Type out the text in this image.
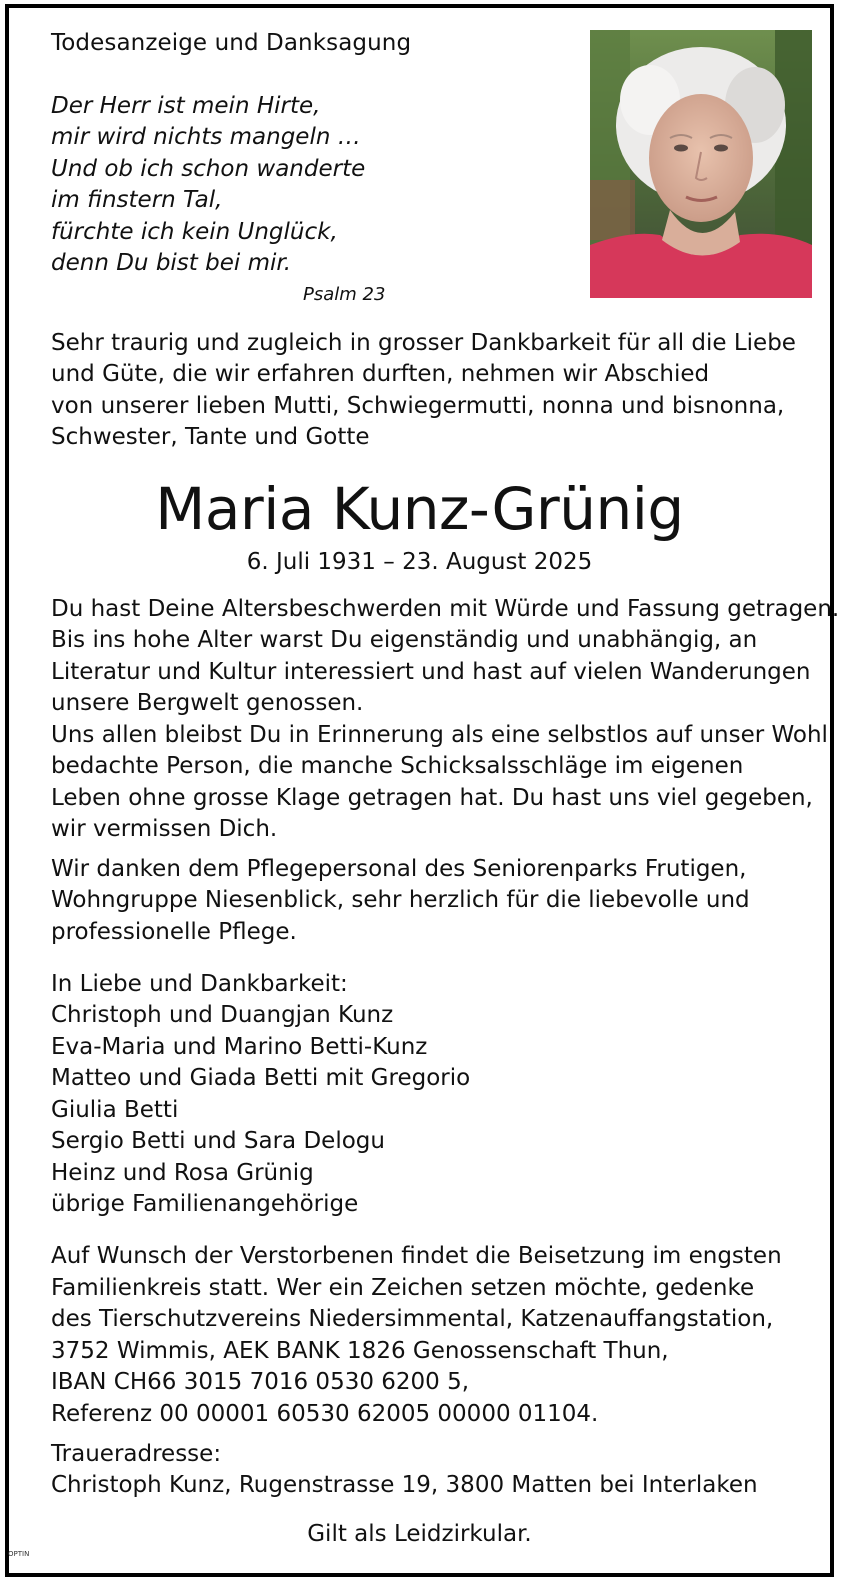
Todesanzeige und Danksagung
Der Herr ist mein Hirte,
mir wird nichts mangeln …
Und ob ich schon wanderte
im finstern Tal,
fürchte ich kein Unglück,
denn Du bist bei mir.
Psalm 23
Sehr traurig und zugleich in grosser Dankbarkeit für all die Liebe
und Güte, die wir erfahren durften, nehmen wir Abschied
von unserer lieben Mutti, Schwiegermutti, nonna und bisnonna,
Schwester, Tante und Gotte
Maria Kunz-Grünig
6. Juli 1931 – 23. August 2025
Du hast Deine Altersbeschwerden mit Würde und Fassung getragen.
Bis ins hohe Alter warst Du eigenständig und unabhängig, an
Literatur und Kultur interessiert und hast auf vielen Wanderungen
unsere Bergwelt genossen.
Uns allen bleibst Du in Erinnerung als eine selbstlos auf unser Wohl
bedachte Person, die manche Schicksalsschläge im eigenen
Leben ohne grosse Klage getragen hat. Du hast uns viel gegeben,
wir vermissen Dich.
Wir danken dem Pflegepersonal des Seniorenparks Frutigen,
Wohngruppe Niesenblick, sehr herzlich für die liebevolle und
professionelle Pflege.
In Liebe und Dankbarkeit:
Christoph und Duangjan Kunz
Eva-Maria und Marino Betti-Kunz
Matteo und Giada Betti mit Gregorio
Giulia Betti
Sergio Betti und Sara Delogu
Heinz und Rosa Grünig
übrige Familienangehörige
Auf Wunsch der Verstorbenen findet die Beisetzung im engsten
Familienkreis statt. Wer ein Zeichen setzen möchte, gedenke
des Tierschutzvereins Niedersimmental, Katzenauffangstation,
3752 Wimmis, AEK BANK 1826 Genossenschaft Thun,
IBAN CH66 3015 7016 0530 6200 5,
Referenz 00 00001 60530 62005 00000 01104.
Traueradresse:
Christoph Kunz, Rugenstrasse 19, 3800 Matten bei Interlaken
Gilt als Leidzirkular.
OPTIN
